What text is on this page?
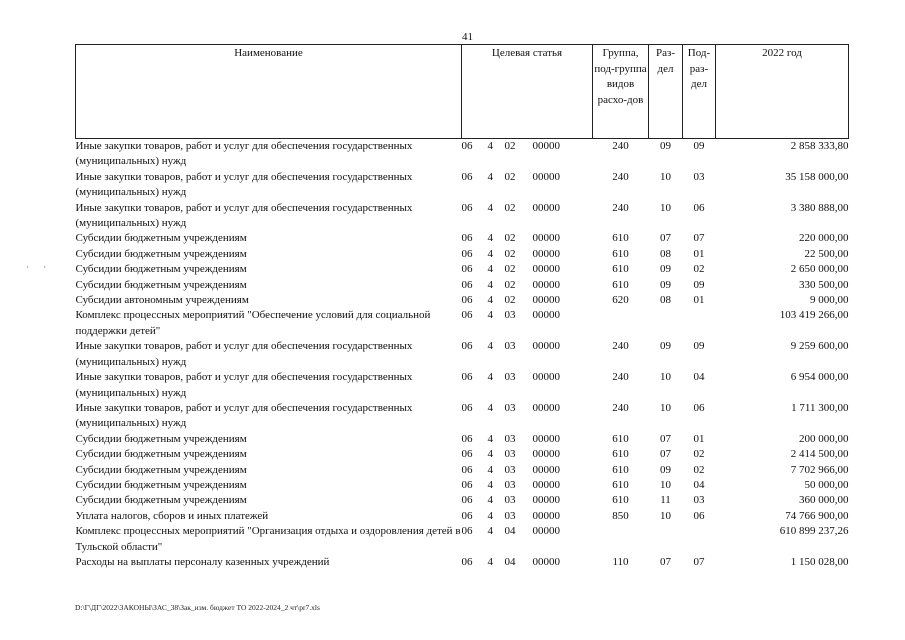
41
· ·
Наименование	Целевая статья				Группа, под-группа видов расхо-дов	Раз-дел	Под-раз-дел	2022 год
Иные закупки товаров, работ и услуг для обеспечения государственных (муниципальных) нужд	06	4	02	00000	240	09	09	2 858 333,80
Иные закупки товаров, работ и услуг для обеспечения государственных (муниципальных) нужд	06	4	02	00000	240	10	03	35 158 000,00
Иные закупки товаров, работ и услуг для обеспечения государственных (муниципальных) нужд	06	4	02	00000	240	10	06	3 380 888,00
Субсидии бюджетным учреждениям	06	4	02	00000	610	07	07	220 000,00
Субсидии бюджетным учреждениям	06	4	02	00000	610	08	01	22 500,00
Субсидии бюджетным учреждениям	06	4	02	00000	610	09	02	2 650 000,00
Субсидии бюджетным учреждениям	06	4	02	00000	610	09	09	330 500,00
Субсидии автономным учреждениям	06	4	02	00000	620	08	01	9 000,00
Комплекс процессных мероприятий "Обеспечение условий для социальной поддержки детей"	06	4	03	00000				103 419 266,00
Иные закупки товаров, работ и услуг для обеспечения государственных (муниципальных) нужд	06	4	03	00000	240	09	09	9 259 600,00
Иные закупки товаров, работ и услуг для обеспечения государственных (муниципальных) нужд	06	4	03	00000	240	10	04	6 954 000,00
Иные закупки товаров, работ и услуг для обеспечения государственных (муниципальных) нужд	06	4	03	00000	240	10	06	1 711 300,00
Субсидии бюджетным учреждениям	06	4	03	00000	610	07	01	200 000,00
Субсидии бюджетным учреждениям	06	4	03	00000	610	07	02	2 414 500,00
Субсидии бюджетным учреждениям	06	4	03	00000	610	09	02	7 702 966,00
Субсидии бюджетным учреждениям	06	4	03	00000	610	10	04	50 000,00
Субсидии бюджетным учреждениям	06	4	03	00000	610	11	03	360 000,00
Уплата налогов, сборов и иных платежей	06	4	03	00000	850	10	06	74 766 900,00
Комплекс процессных мероприятий "Организация отдыха и оздоровления детей в Тульской области"	06	4	04	00000				610 899 237,26
Расходы на выплаты персоналу казенных учреждений	06	4	04	00000	110	07	07	1 150 028,00
D:\Г\ДГ\2022\ЗАКОНЫ\ЗАС_38\Зак_изм. бюджет ТО 2022-2024_2 чт\pr7.xls
